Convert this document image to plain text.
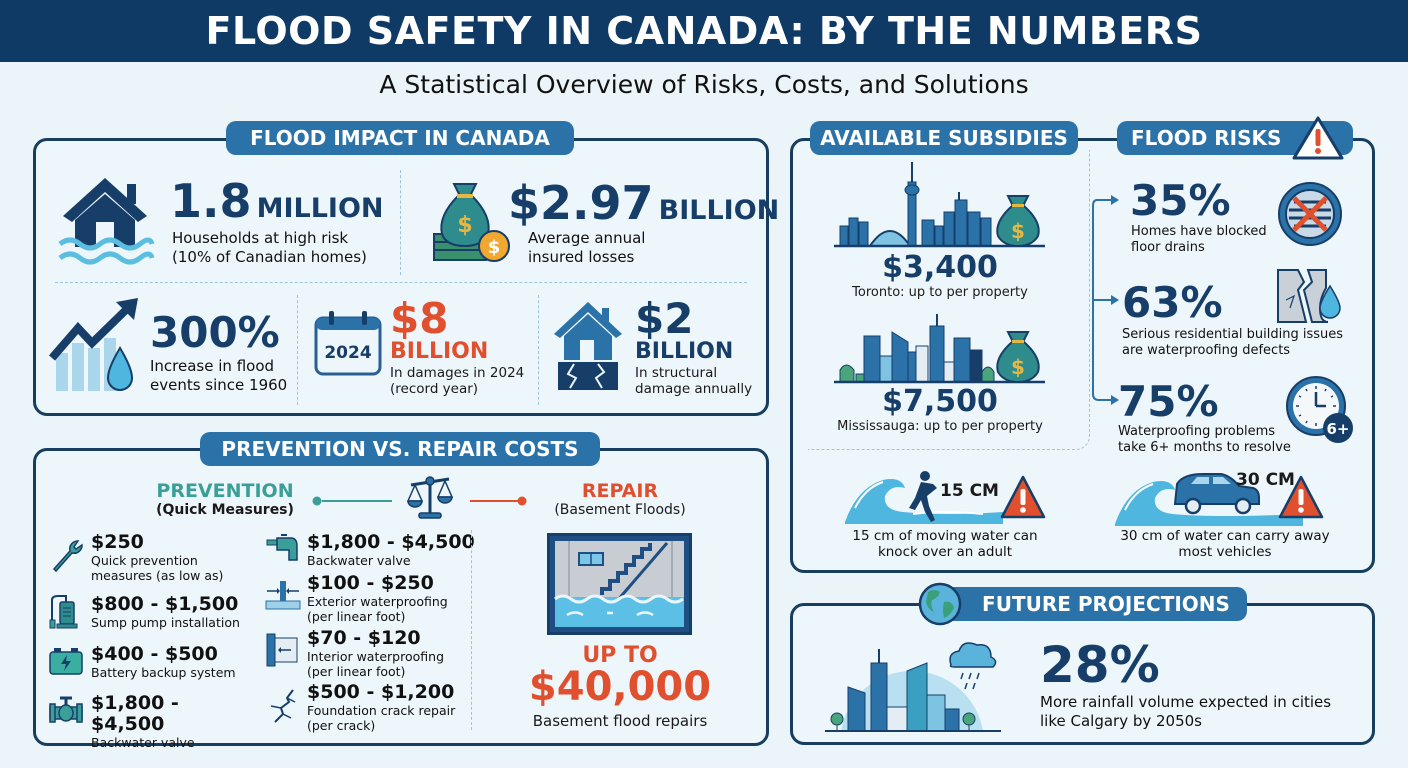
FLOOD SAFETY IN CANADA: BY THE NUMBERS
A Statistical Overview of Risks, Costs, and Solutions
FLOOD IMPACT IN CANADA
1.8 MILLION
Households at high risk
(10% of Canadian homes)
$
$
$2.97 BILLION
Average annual
insured losses
300%
Increase in flood
events since 1960
2024
$8
BILLION
In damages in 2024
(record year)
$2
BILLION
In structural
damage annually
PREVENTION VS. REPAIR COSTS
PREVENTION
(Quick Measures)
REPAIR
(Basement Floods)
$250
Quick prevention
measures (as low as)
$800 - $1,500
Sump pump installation
$400 - $500
Battery backup system
$1,800 - $4,500
Backwater valve
$1,800 - $4,500
Backwater valve
$100 - $250
Exterior waterproofing
(per linear foot)
$70 - $120
Interior waterproofing
(per linear foot)
$500 - $1,200
Foundation crack repair
(per crack)
UP TO
$40,000
Basement flood repairs
AVAILABLE SUBSIDIES	FLOOD RISKS
$
$3,400
Toronto: up to per property
$
$7,500
Mississauga: up to per property
35%
Homes have blocked
floor drains
63%
Serious residential building issues
are waterproofing defects
75%
Waterproofing problems
take 6+ months to resolve
6+
15 CM
15 cm of moving water can
knock over an adult
30 CM
30 cm of water can carry away
most vehicles
FUTURE PROJECTIONS
28%
More rainfall volume expected in cities
like Calgary by 2050s
